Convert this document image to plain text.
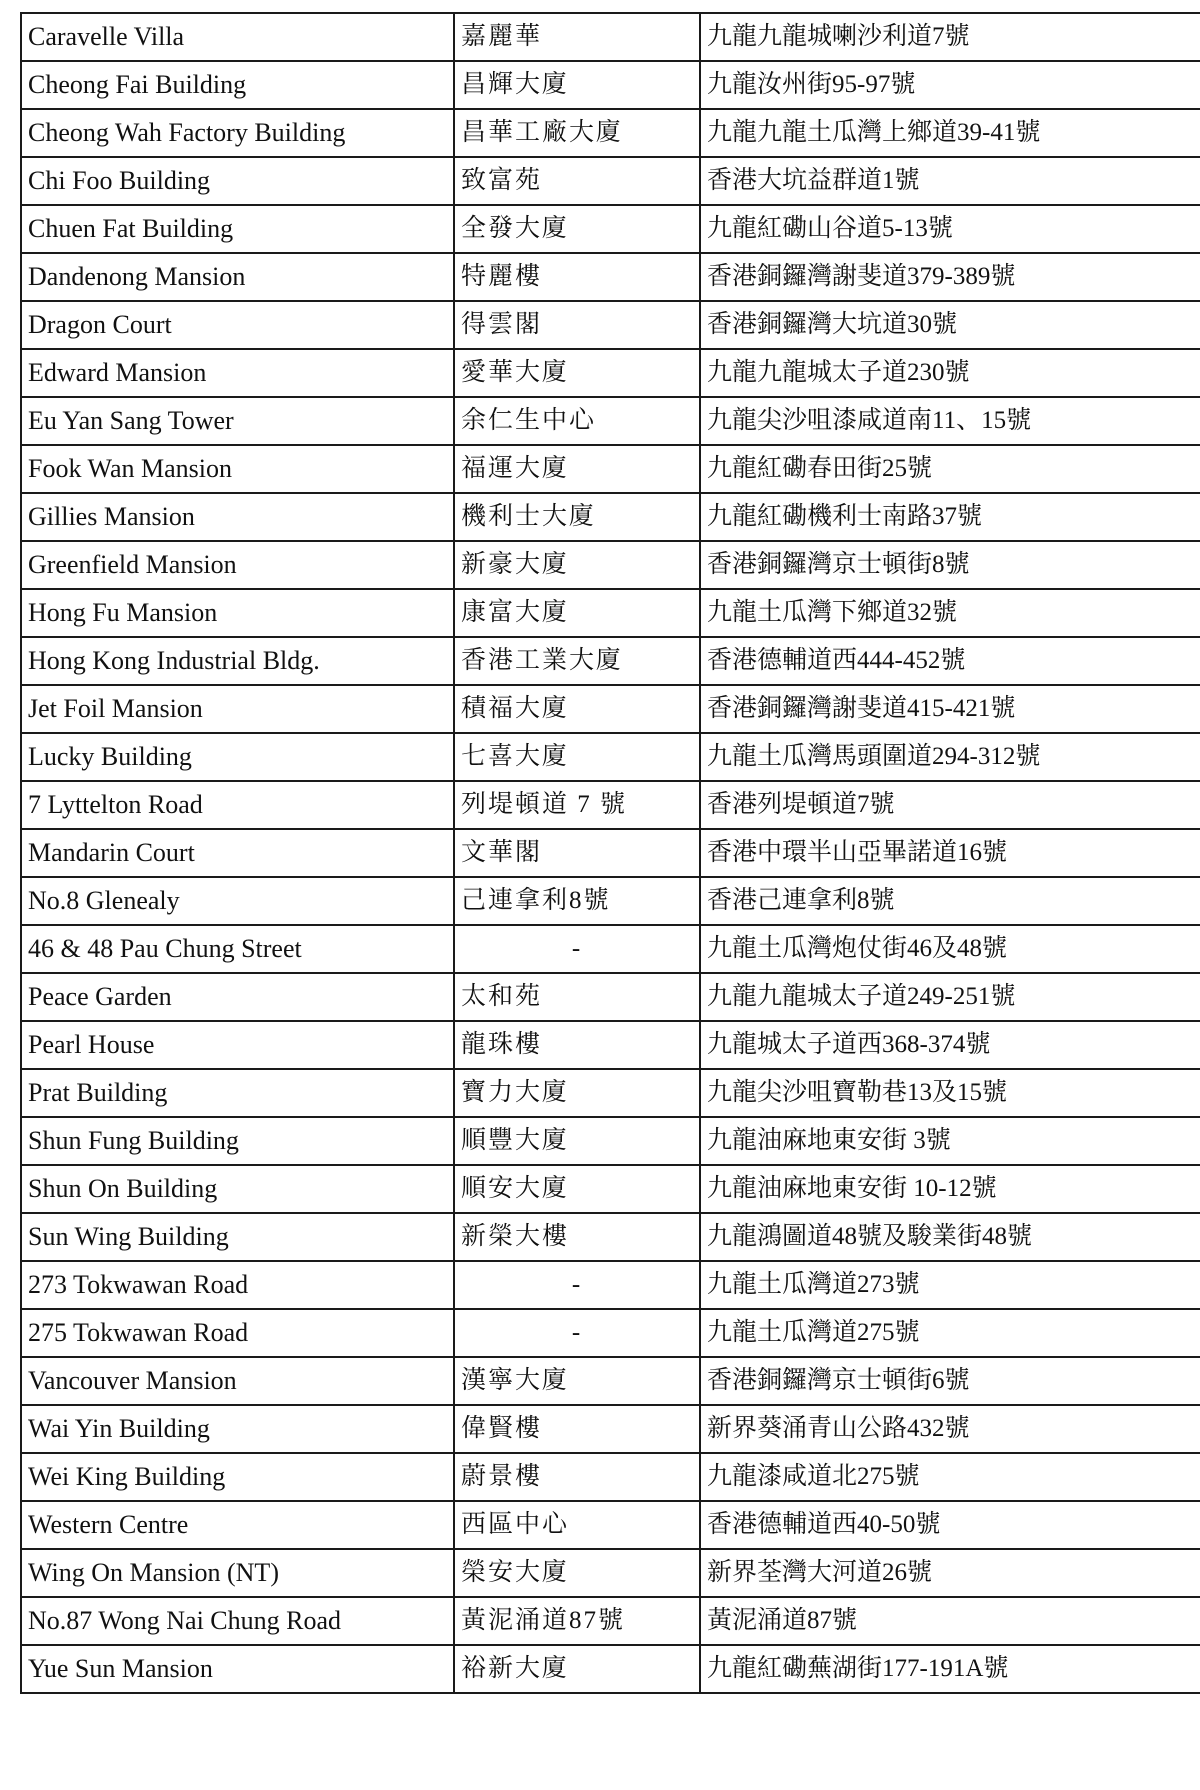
Caravelle Villa	嘉麗華	九龍九龍城喇沙利道7號
Cheong Fai Building	昌輝大廈	九龍汝州街95-97號
Cheong Wah Factory Building	昌華工廠大廈	九龍九龍土瓜灣上鄉道39-41號
Chi Foo Building	致富苑	香港大坑益群道1號
Chuen Fat Building	全發大廈	九龍紅磡山谷道5-13號
Dandenong Mansion	特麗樓	香港銅鑼灣謝斐道379-389號
Dragon Court	得雲閣	香港銅鑼灣大坑道30號
Edward Mansion	愛華大廈	九龍九龍城太子道230號
Eu Yan Sang Tower	余仁生中心	九龍尖沙咀漆咸道南11、15號
Fook Wan Mansion	福運大廈	九龍紅磡春田街25號
Gillies Mansion	機利士大廈	九龍紅磡機利士南路37號
Greenfield Mansion	新豪大廈	香港銅鑼灣京士頓街8號
Hong Fu Mansion	康富大廈	九龍土瓜灣下鄉道32號
Hong Kong Industrial Bldg.	香港工業大廈	香港德輔道西444-452號
Jet Foil Mansion	積福大廈	香港銅鑼灣謝斐道415-421號
Lucky Building	七喜大廈	九龍土瓜灣馬頭圍道294-312號
7 Lyttelton Road	列堤頓道 7 號	香港列堤頓道7號
Mandarin Court	文華閣	香港中環半山亞畢諾道16號
No.8 Glenealy	己連拿利8號	香港己連拿利8號
46 & 48 Pau Chung Street	-	九龍土瓜灣炮仗街46及48號
Peace Garden	太和苑	九龍九龍城太子道249-251號
Pearl House	龍珠樓	九龍城太子道西368-374號
Prat Building	寶力大廈	九龍尖沙咀寶勒巷13及15號
Shun Fung Building	順豐大廈	九龍油麻地東安街 3號
Shun On Building	順安大廈	九龍油麻地東安街 10-12號
Sun Wing Building	新榮大樓	九龍鴻圖道48號及駿業街48號
273 Tokwawan Road	-	九龍土瓜灣道273號
275 Tokwawan Road	-	九龍土瓜灣道275號
Vancouver Mansion	漢寧大廈	香港銅鑼灣京士頓街6號
Wai Yin Building	偉賢樓	新界葵涌青山公路432號
Wei King Building	蔚景樓	九龍漆咸道北275號
Western Centre	西區中心	香港德輔道西40-50號
Wing On Mansion (NT)	榮安大廈	新界荃灣大河道26號
No.87 Wong Nai Chung Road	黃泥涌道87號	黃泥涌道87號
Yue Sun Mansion	裕新大廈	九龍紅磡蕪湖街177-191A號
